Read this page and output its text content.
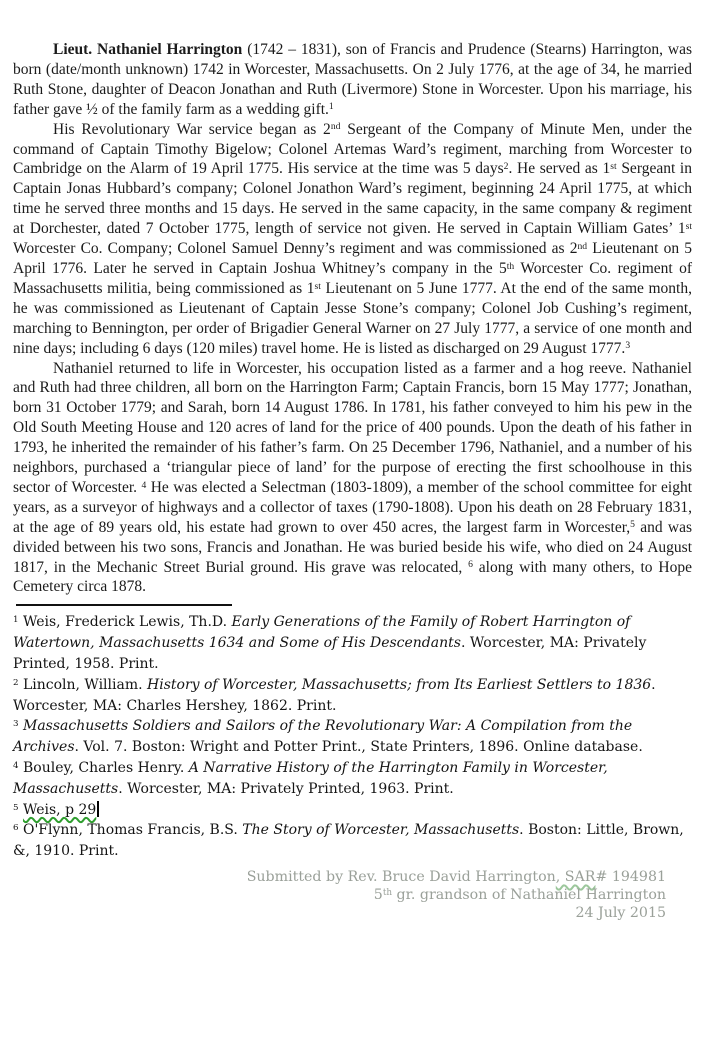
Lieut. Nathaniel Harrington (1742 – 1831), son of Francis and Prudence (Stearns) Harrington, was born (date/month unknown) 1742 in Worcester, Massachusetts. On 2 July 1776, at the age of 34, he married Ruth Stone, daughter of Deacon Jonathan and Ruth (Livermore) Stone in Worcester. Upon his marriage, his father gave ½ of the family farm as a wedding gift.$^1$

His Revolutionary War service began as 2nd Sergeant of the Company of Minute Men, under the command of Captain Timothy Bigelow; Colonel Artemas Ward’s regiment, marching from Worcester to Cambridge on the Alarm of 19 April 1775. His service at the time was 5 days$^2$. He served as 1st Sergeant in Captain Jonas Hubbard’s company; Colonel Jonathon Ward’s regiment, beginning 24 April 1775, at which time he served three months and 15 days. He served in the same capacity, in the same company & regiment at Dorchester, dated 7 October 1775, length of service not given. He served in Captain William Gates’ 1st Worcester Co. Company; Colonel Samuel Denny’s regiment and was commissioned as 2nd Lieutenant on 5 April 1776. Later he served in Captain Joshua Whitney’s company in the 5th Worcester Co. regiment of Massachusetts militia, being commissioned as 1st Lieutenant on 5 June 1777. At the end of the same month, he was commissioned as Lieutenant of Captain Jesse Stone’s company; Colonel Job Cushing’s regiment, marching to Bennington, per order of Brigadier General Warner on 27 July 1777, a service of one month and nine days; including 6 days (120 miles) travel home. He is listed as discharged on 29 August 1777.$^3$

Nathaniel returned to life in Worcester, his occupation listed as a farmer and a hog reeve. Nathaniel and Ruth had three children, all born on the Harrington Farm; Captain Francis, born 15 May 1777; Jonathan, born 31 October 1779; and Sarah, born 14 August 1786. In 1781, his father conveyed to him his pew in the Old South Meeting House and 120 acres of land for the price of 400 pounds. Upon the death of his father in 1793, he inherited the remainder of his father’s farm. On 25 December 1796, Nathaniel, and a number of his neighbors, purchased a ‘triangular piece of land’ for the purpose of erecting the first schoolhouse in this sector of Worcester. $^4$ He was elected a Selectman (1803-1809), a member of the school committee for eight years, as a surveyor of highways and a collector of taxes (1790-1808). Upon his death on 28 February 1831, at the age of 89 years old, his estate had grown to over 450 acres, the largest farm in Worcester,$^5$ and was divided between his two sons, Francis and Jonathan. He was buried beside his wife, who died on 24 August 1817, in the Mechanic Street Burial ground. His grave was relocated, $^6$ along with many others, to Hope Cemetery circa 1878.

$^1$ Weis, Frederick Lewis, Th.D. Early Generations of the Family of Robert Harrington of Watertown, Massachusetts 1634 and Some of His Descendants. Worcester, MA: Privately Printed, 1958. Print.

$^2$ Lincoln, William. History of Worcester, Massachusetts; from Its Earliest Settlers to 1836. Worcester, MA: Charles Hershey, 1862. Print.

$^3$ Massachusetts Soldiers and Sailors of the Revolutionary War: A Compilation from the Archives. Vol. 7. Boston: Wright and Potter Print., State Printers, 1896. Online database.

$^4$ Bouley, Charles Henry. A Narrative History of the Harrington Family in Worcester, Massachusetts. Worcester, MA: Privately Printed, 1963. Print.

$^5$ Weis, p 29

$^6$ O'Flynn, Thomas Francis, B.S. The Story of Worcester, Massachusetts. Boston: Little, Brown, &, 1910. Print.

Submitted by Rev. Bruce David Harrington, SAR# 194981

5th gr. grandson of Nathaniel Harrington

24 July 2015
